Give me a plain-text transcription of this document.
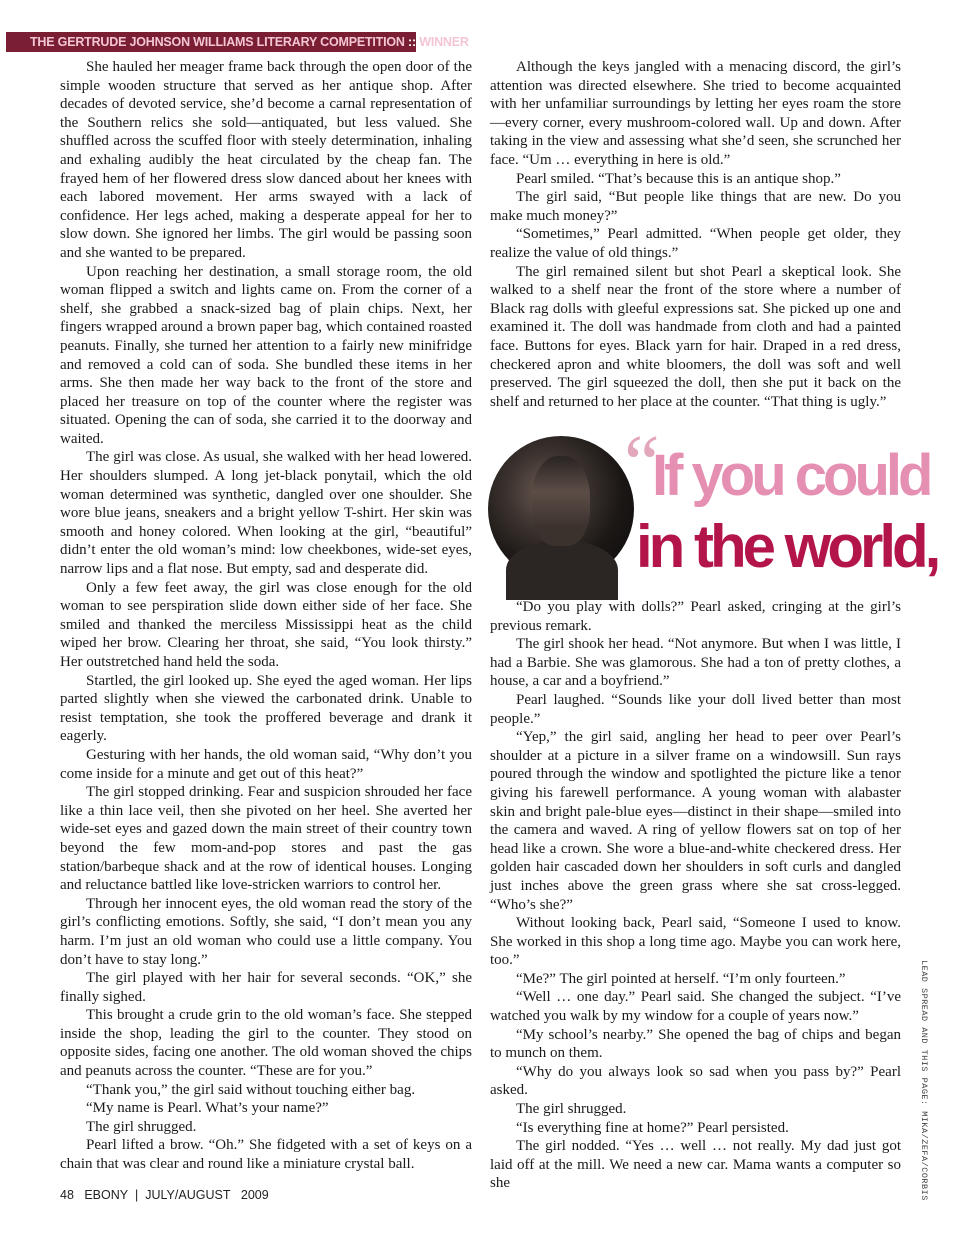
THE GERTRUDE JOHNSON WILLIAMS LITERARY COMPETITION :: WINNER

She hauled her meager frame back through the open door of the simple wooden structure that served as her antique shop. After decades of devoted service, she’d become a carnal representation of the Southern relics she sold—antiquated, but less valued. She shuffled across the scuffed floor with steely determination, inhaling and exhaling audibly the heat circulated by the cheap fan. The frayed hem of her flowered dress slow danced about her knees with each labored movement. Her arms swayed with a lack of confidence. Her legs ached, making a desperate appeal for her to slow down. She ignored her limbs. The girl would be passing soon and she wanted to be prepared.

Upon reaching her destination, a small storage room, the old woman flipped a switch and lights came on. From the corner of a shelf, she grabbed a snack-sized bag of plain chips. Next, her fingers wrapped around a brown paper bag, which contained roasted peanuts. Finally, she turned her attention to a fairly new minifridge and removed a cold can of soda. She bundled these items in her arms. She then made her way back to the front of the store and placed her treasure on top of the counter where the register was situated. Opening the can of soda, she carried it to the doorway and waited.

The girl was close. As usual, she walked with her head lowered. Her shoulders slumped. A long jet-black ponytail, which the old woman determined was synthetic, dangled over one shoulder. She wore blue jeans, sneakers and a bright yellow T-shirt. Her skin was smooth and honey colored. When looking at the girl, “beautiful” didn’t enter the old woman’s mind: low cheekbones, wide-set eyes, narrow lips and a flat nose. But empty, sad and desperate did.

Only a few feet away, the girl was close enough for the old woman to see perspiration slide down either side of her face. She smiled and thanked the merciless Mississippi heat as the child wiped her brow. Clearing her throat, she said, “You look thirsty.” Her outstretched hand held the soda.

Startled, the girl looked up. She eyed the aged woman. Her lips parted slightly when she viewed the carbonated drink. Unable to resist temptation, she took the proffered beverage and drank it eagerly.

Gesturing with her hands, the old woman said, “Why don’t you come inside for a minute and get out of this heat?”

The girl stopped drinking. Fear and suspicion shrouded her face like a thin lace veil, then she pivoted on her heel. She averted her wide-set eyes and gazed down the main street of their country town beyond the few mom-and-pop stores and past the gas station/barbeque shack and at the row of identical houses. Longing and reluctance battled like love-stricken warriors to control her.

Through her innocent eyes, the old woman read the story of the girl’s conflicting emotions. Softly, she said, “I don’t mean you any harm. I’m just an old woman who could use a little company. You don’t have to stay long.”

The girl played with her hair for several seconds. “OK,” she finally sighed.

This brought a crude grin to the old woman’s face. She stepped inside the shop, leading the girl to the counter. They stood on opposite sides, facing one another. The old woman shoved the chips and peanuts across the counter. “These are for you.”

“Thank you,” the girl said without touching either bag.

“My name is Pearl. What’s your name?”

The girl shrugged.

Pearl lifted a brow. “Oh.” She fidgeted with a set of keys on a chain that was clear and round like a miniature crystal ball.

Although the keys jangled with a menacing discord, the girl’s attention was directed elsewhere. She tried to become acquainted with her unfamiliar surroundings by letting her eyes roam the store—every corner, every mushroom-colored wall. Up and down. After taking in the view and assessing what she’d seen, she scrunched her face. “Um … everything in here is old.”

Pearl smiled. “That’s because this is an antique shop.”

The girl said, “But people like things that are new. Do you make much money?”

“Sometimes,” Pearl admitted. “When people get older, they realize the value of old things.”

The girl remained silent but shot Pearl a skeptical look. She walked to a shelf near the front of the store where a number of Black rag dolls with gleeful expressions sat. She picked up one and examined it. The doll was handmade from cloth and had a painted face. Buttons for eyes. Black yarn for hair. Draped in a red dress, checkered apron and white bloomers, the doll was soft and well preserved. The girl squeezed the doll, then she put it back on the shelf and returned to her place at the counter. “That thing is ugly.”

“
If you could
in the world,

“Do you play with dolls?” Pearl asked, cringing at the girl’s previous remark.

The girl shook her head. “Not anymore. But when I was little, I had a Barbie. She was glamorous. She had a ton of pretty clothes, a house, a car and a boyfriend.”

Pearl laughed. “Sounds like your doll lived better than most people.”

“Yep,” the girl said, angling her head to peer over Pearl’s shoulder at a picture in a silver frame on a windowsill. Sun rays poured through the window and spotlighted the picture like a tenor giving his farewell performance. A young woman with alabaster skin and bright pale-blue eyes—distinct in their shape—smiled into the camera and waved. A ring of yellow flowers sat on top of her head like a crown. She wore a blue-and-white checkered dress. Her golden hair cascaded down her shoulders in soft curls and dangled just inches above the green grass where she sat cross-legged. “Who’s she?”

Without looking back, Pearl said, “Someone I used to know. She worked in this shop a long time ago. Maybe you can work here, too.”

“Me?” The girl pointed at herself. “I’m only fourteen.”

“Well … one day.” Pearl said. She changed the subject. “I’ve watched you walk by my window for a couple of years now.”

“My school’s nearby.” She opened the bag of chips and began to munch on them.

“Why do you always look so sad when you pass by?” Pearl asked.

The girl shrugged.

“Is everything fine at home?” Pearl persisted.

The girl nodded. “Yes … well … not really. My dad just got laid off at the mill. We need a new car. Mama wants a computer so she

48 EBONY | JULY/AUGUST 2009	LEAD SPREAD AND THIS PAGE: MIKA/ZEFA/CORBIS
